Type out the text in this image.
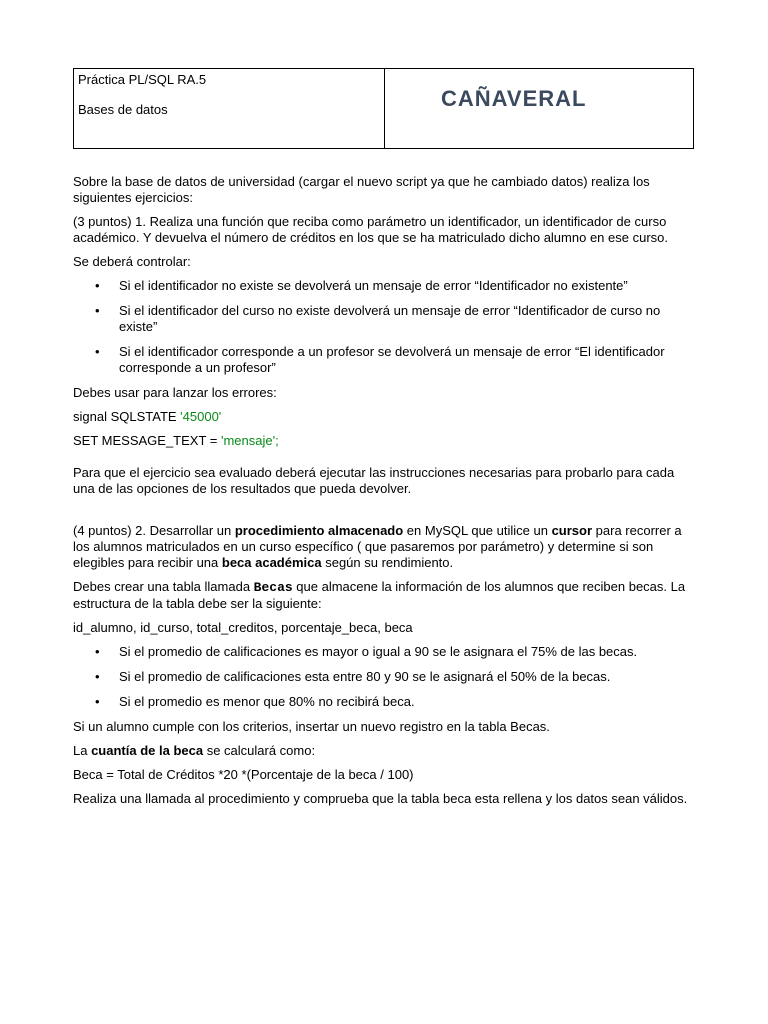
Práctica PL/SQL RA.5

Bases de datos	CAÑAVERAL

Sobre la base de datos de universidad (cargar el nuevo script ya que he cambiado datos) realiza los siguientes ejercicios:

(3 puntos) 1. Realiza una función que reciba como parámetro un identificador, un identificador de curso académico. Y devuelva el número de créditos en los que se ha matriculado dicho alumno en ese curso.

Se deberá controlar:

• Si el identificador no existe se devolverá un mensaje de error “Identificador no existente”
• Si el identificador del curso no existe devolverá un mensaje de error “Identificador de curso no existe”
• Si el identificador corresponde a un profesor se devolverá un mensaje de error “El identificador corresponde a un profesor”

Debes usar para lanzar los errores:

signal SQLSTATE '45000'

SET MESSAGE_TEXT = 'mensaje';

Para que el ejercicio sea evaluado deberá ejecutar las instrucciones necesarias para probarlo para cada una de las opciones de los resultados que pueda devolver.

(4 puntos) 2. Desarrollar un procedimiento almacenado en MySQL que utilice un cursor para recorrer a los alumnos matriculados en un curso específico ( que pasaremos por parámetro) y determine si son elegibles para recibir una beca académica según su rendimiento.

Debes crear una tabla llamada Becas que almacene la información de los alumnos que reciben becas. La estructura de la tabla debe ser la siguiente:

id_alumno, id_curso, total_creditos, porcentaje_beca, beca

• Si el promedio de calificaciones es mayor o igual a 90 se le asignara el 75% de las becas.
• Si el promedio de calificaciones esta entre 80 y 90 se le asignará el 50% de la becas.
• Si el promedio es menor que 80% no recibirá beca.

Si un alumno cumple con los criterios, insertar un nuevo registro en la tabla Becas.

La cuantía de la beca se calculará como:

Beca = Total de Créditos *20 *(Porcentaje de la beca / 100)

Realiza una llamada al procedimiento y comprueba que la tabla beca esta rellena y los datos sean válidos.
